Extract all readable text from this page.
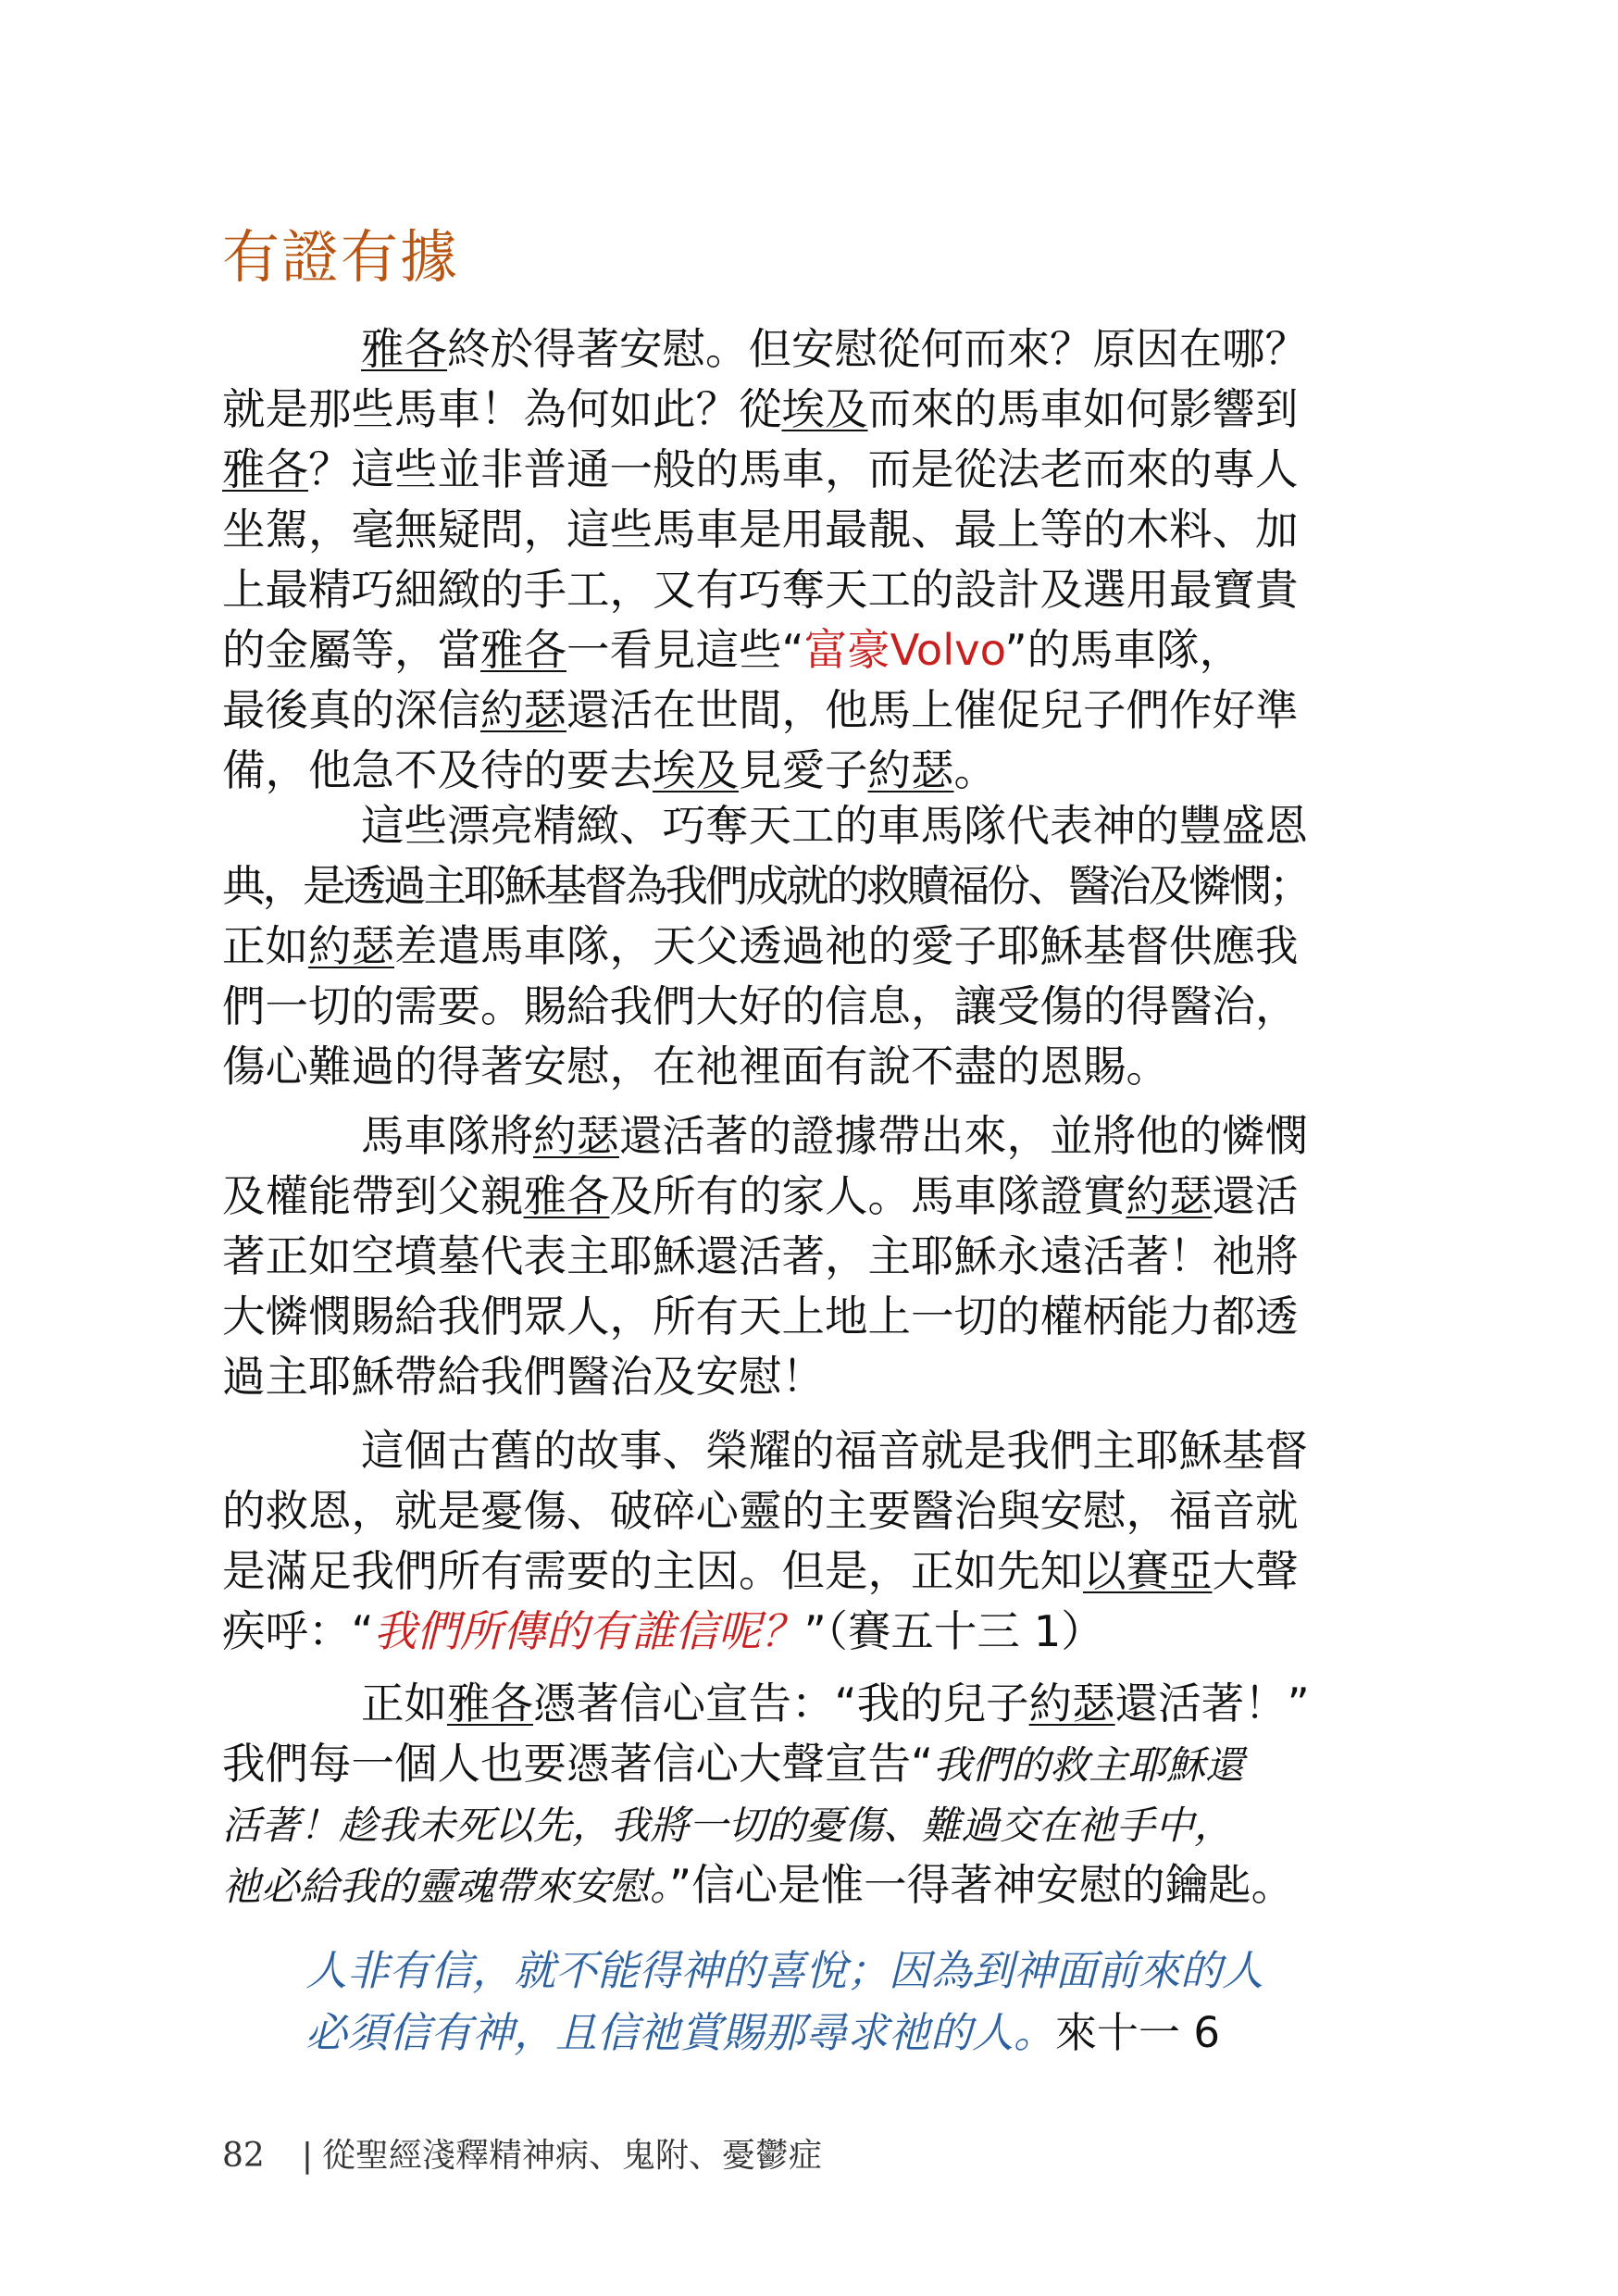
有證有據
雅各終於得著安慰。但安慰從何而來？原因在哪？
就是那些馬車！為何如此？從埃及而來的馬車如何影響到
雅各？這些並非普通一般的馬車，而是從法老而來的專人
坐駕，毫無疑問，這些馬車是用最靚、最上等的木料、加
上最精巧細緻的手工，又有巧奪天工的設計及選用最寶貴
的金屬等，當雅各一看見這些“富豪Volvo”的馬車隊，
最後真的深信約瑟還活在世間，他馬上催促兒子們作好準
備，他急不及待的要去埃及見愛子約瑟。
這些漂亮精緻、巧奪天工的車馬隊代表神的豐盛恩
典，是透過主耶穌基督為我們成就的救贖福份、醫治及憐憫；
正如約瑟差遣馬車隊，天父透過祂的愛子耶穌基督供應我
們一切的需要。賜給我們大好的信息，讓受傷的得醫治，
傷心難過的得著安慰，在祂裡面有說不盡的恩賜。
馬車隊將約瑟還活著的證據帶出來，並將他的憐憫
及權能帶到父親雅各及所有的家人。馬車隊證實約瑟還活
著正如空墳墓代表主耶穌還活著，主耶穌永遠活著！祂將
大憐憫賜給我們眾人，所有天上地上一切的權柄能力都透
過主耶穌帶給我們醫治及安慰！
這個古舊的故事、榮耀的福音就是我們主耶穌基督
的救恩，就是憂傷、破碎心靈的主要醫治與安慰，福音就
是滿足我們所有需要的主因。但是，正如先知以賽亞大聲
疾呼：“我們所傳的有誰信呢？”（賽五十三 1）
正如雅各憑著信心宣告：“我的兒子約瑟還活著！”
我們每一個人也要憑著信心大聲宣告“我們的救主耶穌還
活著！趁我未死以先，我將一切的憂傷、難過交在祂手中，
祂必給我的靈魂帶來安慰。”信心是惟一得著神安慰的鑰匙。
人非有信，就不能得神的喜悅；因為到神面前來的人
必須信有神，且信祂賞賜那尋求祂的人。來十一 6
82 | 從聖經淺釋精神病、鬼附、憂鬱症
